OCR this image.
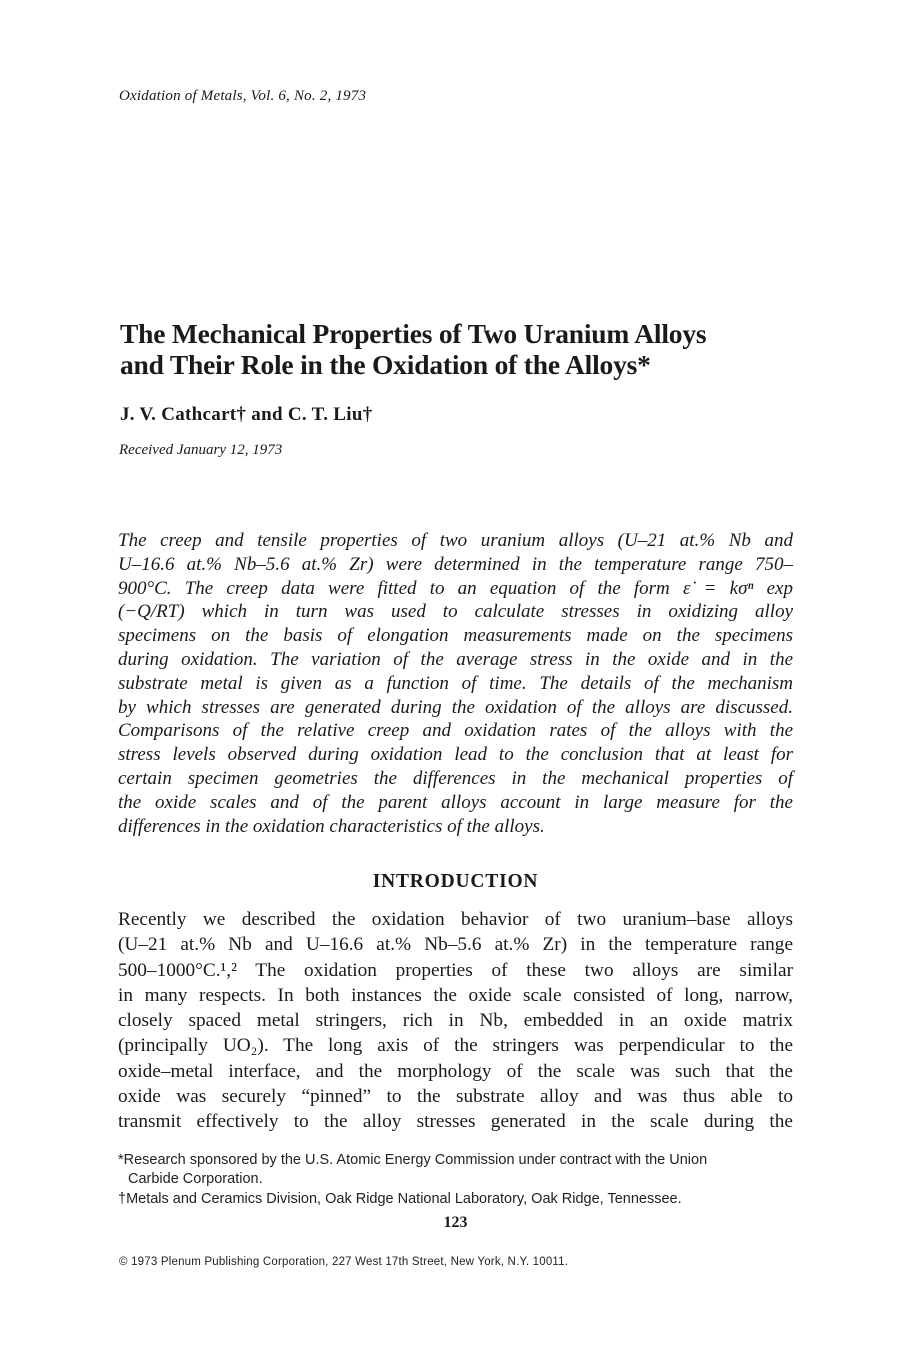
Oxidation of Metals, Vol. 6, No. 2, 1973
The Mechanical Properties of Two Uranium Alloys
and Their Role in the Oxidation of the Alloys*
J. V. Cathcart† and C. T. Liu†
Received January 12, 1973
The creep and tensile properties of two uranium alloys (U–21 at.% Nb and
U–16.6 at.% Nb–5.6 at.% Zr) were determined in the temperature range 750–
900°C. The creep data were fitted to an equation of the form ε̇ = kσⁿ exp
(−Q/RT) which in turn was used to calculate stresses in oxidizing alloy
specimens on the basis of elongation measurements made on the specimens
during oxidation. The variation of the average stress in the oxide and in the
substrate metal is given as a function of time. The details of the mechanism
by which stresses are generated during the oxidation of the alloys are discussed.
Comparisons of the relative creep and oxidation rates of the alloys with the
stress levels observed during oxidation lead to the conclusion that at least for
certain specimen geometries the differences in the mechanical properties of
the oxide scales and of the parent alloys account in large measure for the
differences in the oxidation characteristics of the alloys.
INTRODUCTION
Recently we described the oxidation behavior of two uranium–base alloys
(U–21 at.% Nb and U–16.6 at.% Nb–5.6 at.% Zr) in the temperature range
500–1000°C.¹,² The oxidation properties of these two alloys are similar
in many respects. In both instances the oxide scale consisted of long, narrow,
closely spaced metal stringers, rich in Nb, embedded in an oxide matrix
(principally UO₂). The long axis of the stringers was perpendicular to the
oxide–metal interface, and the morphology of the scale was such that the
oxide was securely “pinned” to the substrate alloy and was thus able to
transmit effectively to the alloy stresses generated in the scale during the
*Research sponsored by the U.S. Atomic Energy Commission under contract with the Union
Carbide Corporation.
†Metals and Ceramics Division, Oak Ridge National Laboratory, Oak Ridge, Tennessee.
123
© 1973 Plenum Publishing Corporation, 227 West 17th Street, New York, N.Y. 10011.
